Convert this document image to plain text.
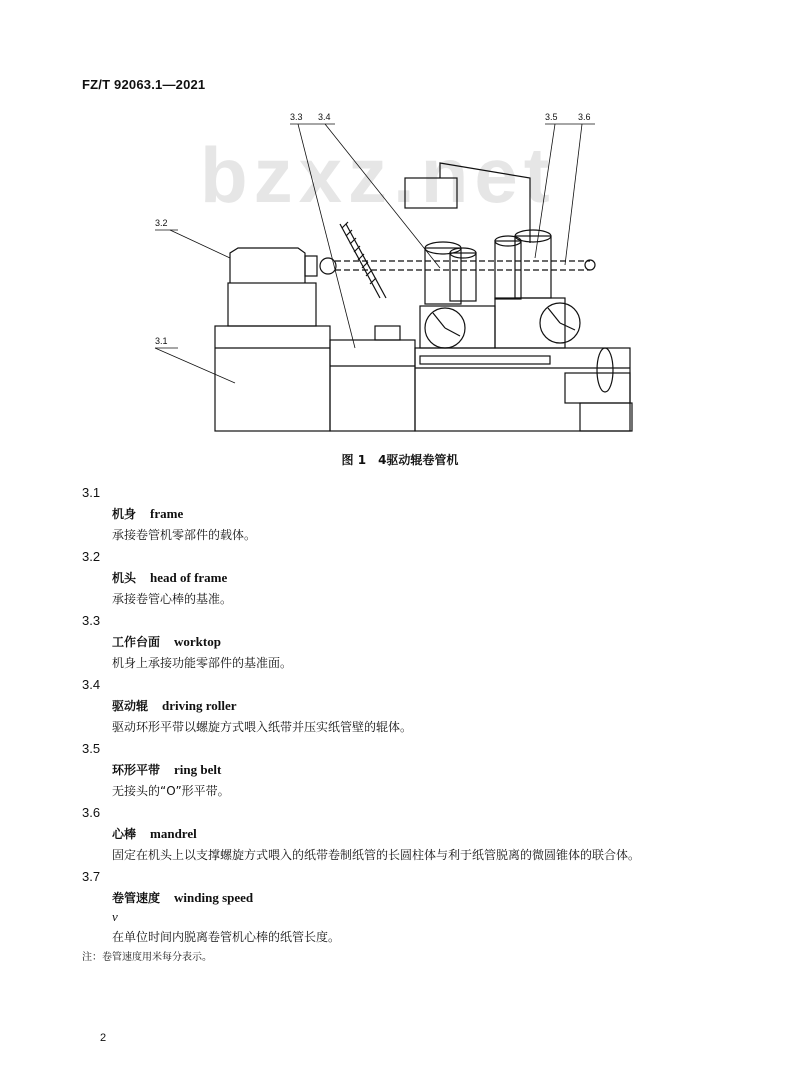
FZ/T 92063.1—2021
bzxz.net
3.1
3.2
3.3 3.4	3.5 3.6
图 1　4驱动辊卷管机
3.1
机身 frame
承接卷管机零部件的载体。
3.2
机头 head of frame
承接卷管心棒的基准。
3.3
工作台面 worktop
机身上承接功能零部件的基准面。
3.4
驱动辊 driving roller
驱动环形平带以螺旋方式喂入纸带并压实纸管壁的辊体。
3.5
环形平带 ring belt
无接头的“O”形平带。
3.6
心棒 mandrel
固定在机头上以支撑螺旋方式喂入的纸带卷制纸管的长圆柱体与利于纸管脱离的微圆锥体的联合体。
3.7
卷管速度 winding speed
v
在单位时间内脱离卷管机心棒的纸管长度。
注：卷管速度用米每分表示。
2
